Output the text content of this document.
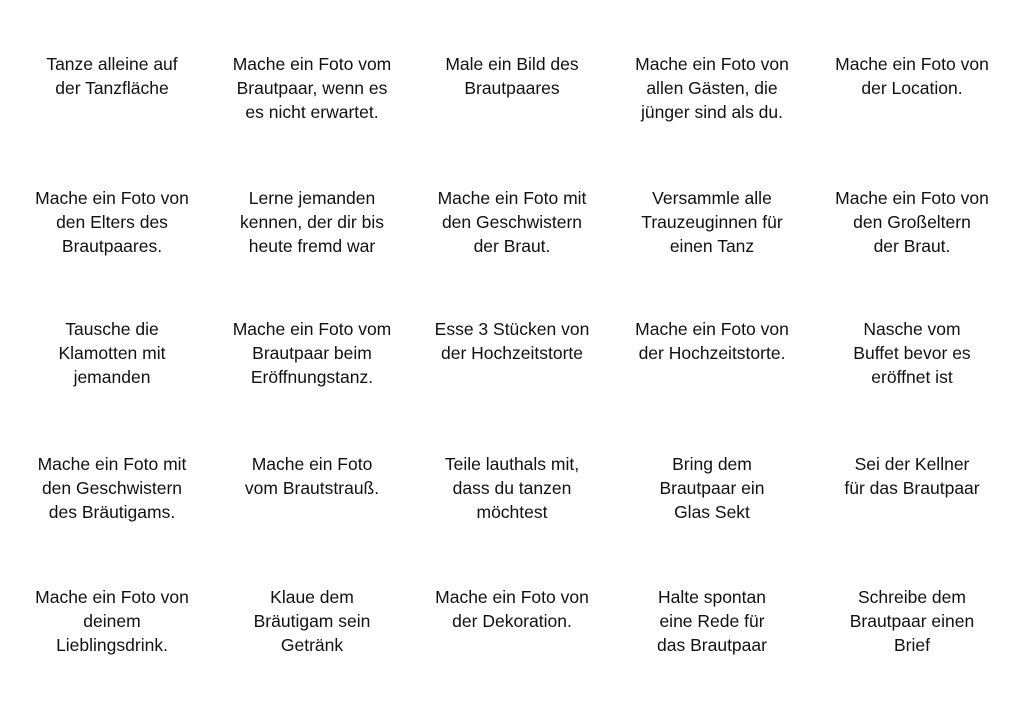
Tanze alleine auf
der Tanzfläche
Mache ein Foto vom
Brautpaar, wenn es
es nicht erwartet.
Male ein Bild des
Brautpaares
Mache ein Foto von
allen Gästen, die
jünger sind als du.
Mache ein Foto von
der Location.
Mache ein Foto von
den Elters des
Brautpaares.
Lerne jemanden
kennen, der dir bis
heute fremd war
Mache ein Foto mit
den Geschwistern
der Braut.
Versammle alle
Trauzeuginnen für
einen Tanz
Mache ein Foto von
den Großeltern
der Braut.
Tausche die
Klamotten mit
jemanden
Mache ein Foto vom
Brautpaar beim
Eröffnungstanz.
Esse 3 Stücken von
der Hochzeitstorte
Mache ein Foto von
der Hochzeitstorte.
Nasche vom
Buffet bevor es
eröffnet ist
Mache ein Foto mit
den Geschwistern
des Bräutigams.
Mache ein Foto
vom Brautstrauß.
Teile lauthals mit,
dass du tanzen
möchtest
Bring dem
Brautpaar ein
Glas Sekt
Sei der Kellner
für das Brautpaar
Mache ein Foto von
deinem
Lieblingsdrink.
Klaue dem
Bräutigam sein
Getränk
Mache ein Foto von
der Dekoration.
Halte spontan
eine Rede für
das Brautpaar
Schreibe dem
Brautpaar einen
Brief
